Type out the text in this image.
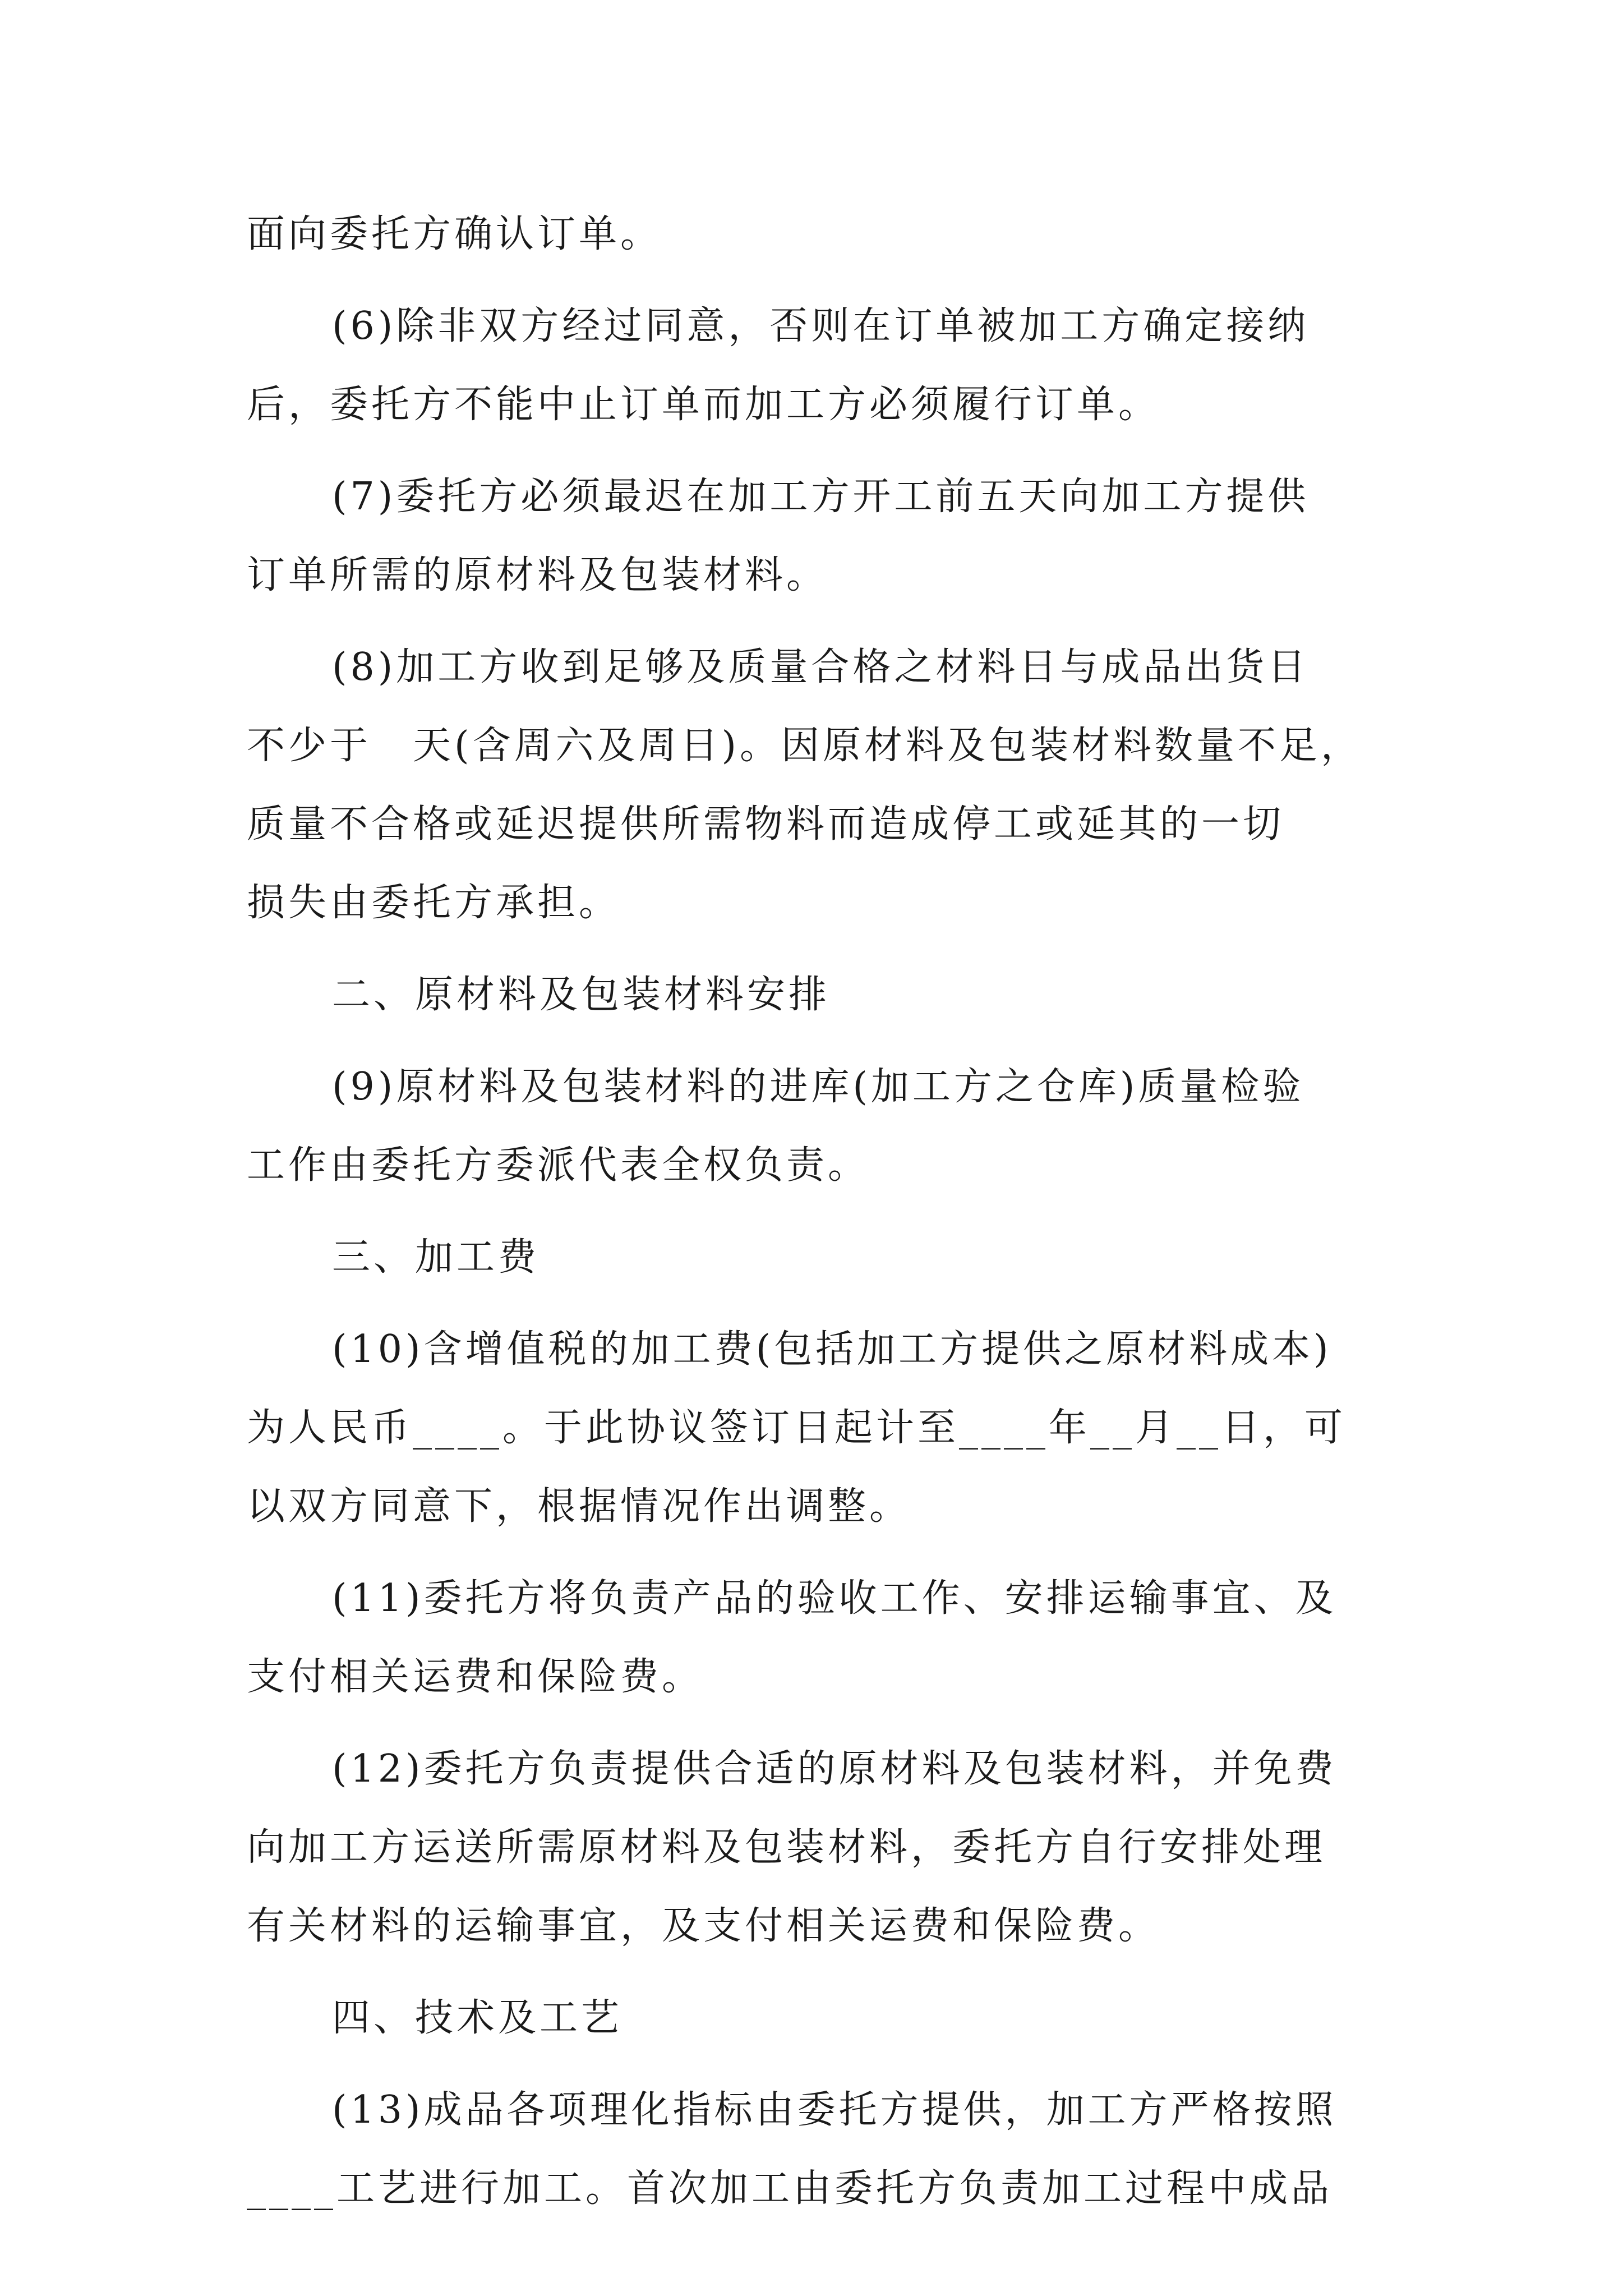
面向委托方确认订单。
(6)除非双方经过同意，否则在订单被加工方确定接纳
后，委托方不能中止订单而加工方必须履行订单。
(7)委托方必须最迟在加工方开工前五天向加工方提供
订单所需的原材料及包装材料。
(8)加工方收到足够及质量合格之材料日与成品出货日
不少于　天(含周六及周日)。因原材料及包装材料数量不足，
质量不合格或延迟提供所需物料而造成停工或延其的一切
损失由委托方承担。
二、原材料及包装材料安排
(9)原材料及包装材料的进库(加工方之仓库)质量检验
工作由委托方委派代表全权负责。
三、加工费
(10)含增值税的加工费(包括加工方提供之原材料成本)
为人民币____。于此协议签订日起计至____年__月__日，可
以双方同意下，根据情况作出调整。
(11)委托方将负责产品的验收工作、安排运输事宜、及
支付相关运费和保险费。
(12)委托方负责提供合适的原材料及包装材料，并免费
向加工方运送所需原材料及包装材料，委托方自行安排处理
有关材料的运输事宜，及支付相关运费和保险费。
四、技术及工艺
(13)成品各项理化指标由委托方提供，加工方严格按照
____工艺进行加工。首次加工由委托方负责加工过程中成品
